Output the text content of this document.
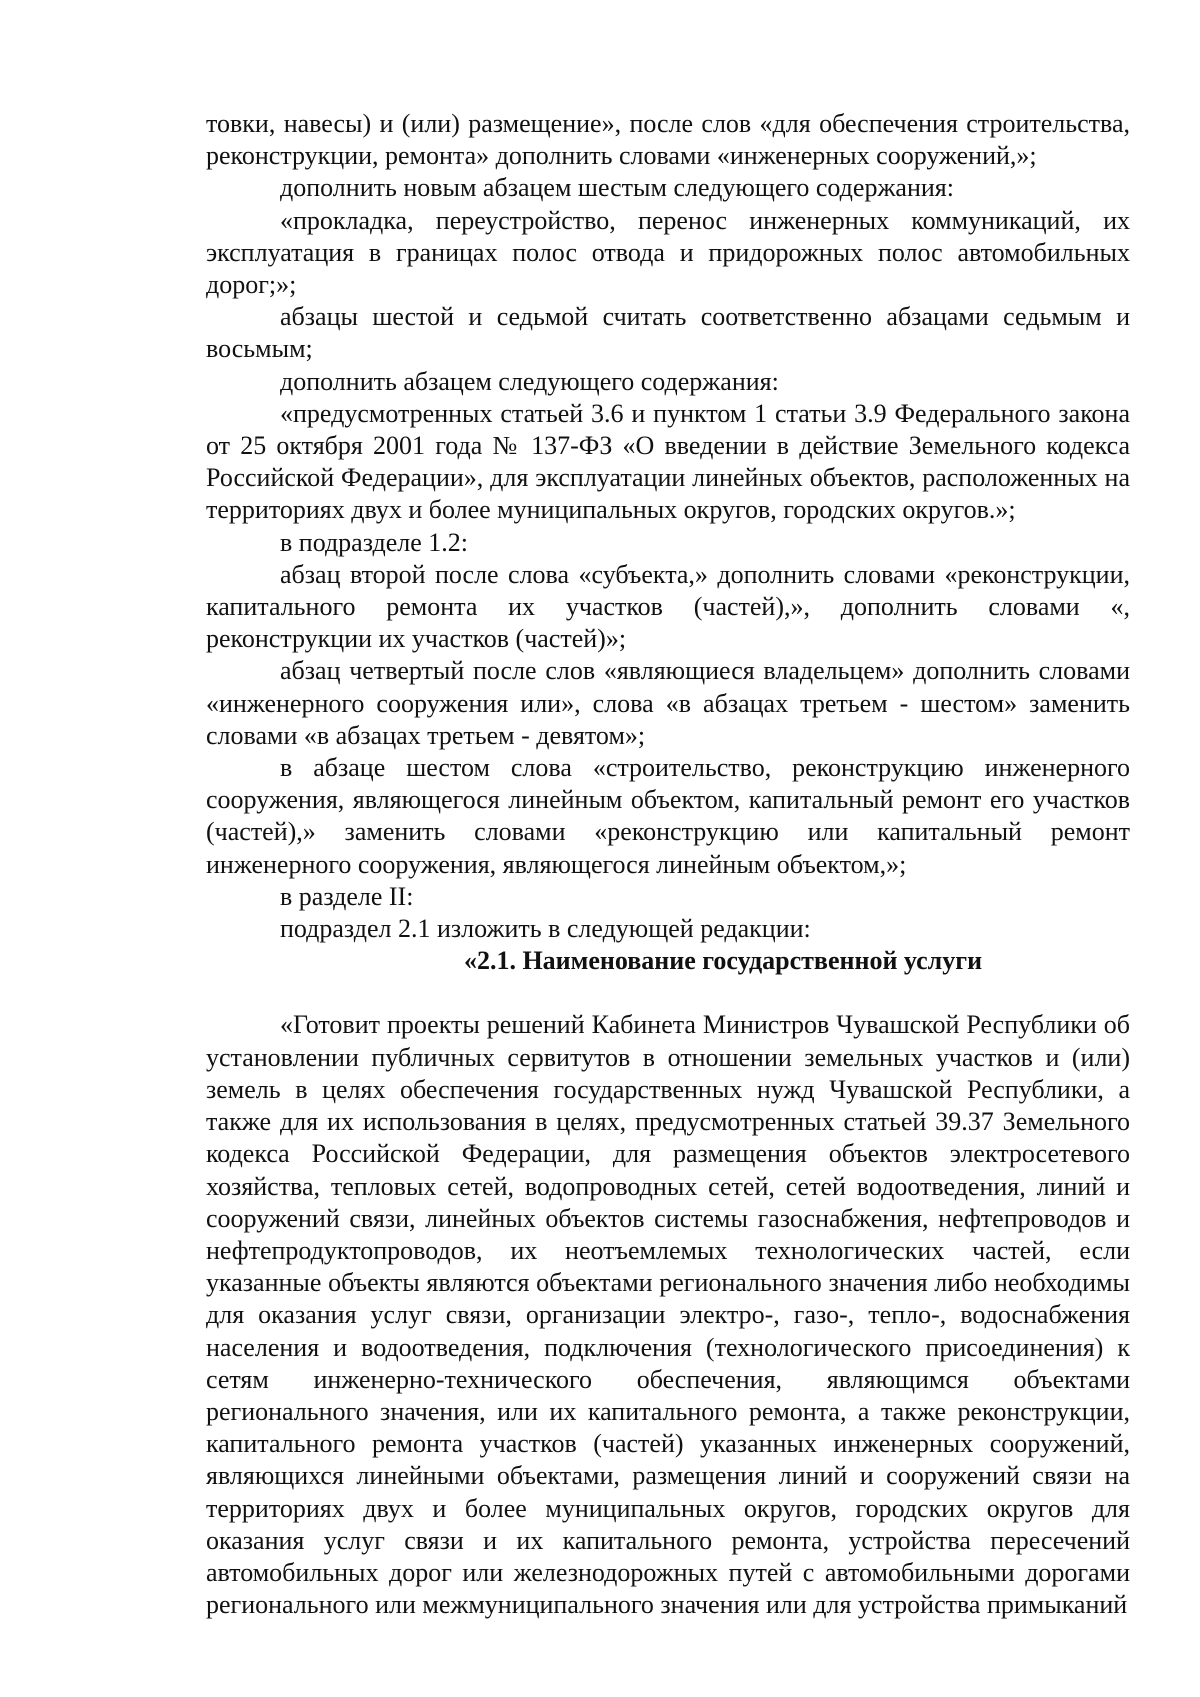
товки, навесы) и (или) размещение», после слов «для обеспечения строительства, реконструкции, ремонта» дополнить словами «инженерных сооружений,»;

дополнить новым абзацем шестым следующего содержания:

«прокладка, переустройство, перенос инженерных коммуникаций, их эксплуатация в границах полос отвода и придорожных полос автомобильных дорог;»;

абзацы шестой и седьмой считать соответственно абзацами седьмым и восьмым;

дополнить абзацем следующего содержания:

«предусмотренных статьей 3.6 и пунктом 1 статьи 3.9 Федерального закона от 25 октября 2001 года № 137-ФЗ «О введении в действие Земельного кодекса Российской Федерации», для эксплуатации линейных объектов, расположенных на территориях двух и более муниципальных округов, городских округов.»;

в подразделе 1.2:

абзац второй после слова «субъекта,» дополнить словами «реконструкции, капитального ремонта их участков (частей),», дополнить словами «, реконструкции их участков (частей)»;

абзац четвертый после слов «являющиеся владельцем» дополнить словами «инженерного сооружения или», слова «в абзацах третьем - шестом» заменить словами «в абзацах третьем - девятом»;

в абзаце шестом слова «строительство, реконструкцию инженерного сооружения, являющегося линейным объектом, капитальный ремонт его участков (частей),» заменить словами «реконструкцию или капитальный ремонт инженерного сооружения, являющегося линейным объектом,»;

в разделе II:

подраздел 2.1 изложить в следующей редакции:

«2.1. Наименование государственной услуги

«Готовит проекты решений Кабинета Министров Чувашской Республики об установлении публичных сервитутов в отношении земельных участков и (или) земель в целях обеспечения государственных нужд Чувашской Республики, а также для их использования в целях, предусмотренных статьей 39.37 Земельного кодекса Российской Федерации, для размещения объектов электросетевого хозяйства, тепловых сетей, водопроводных сетей, сетей водоотведения, линий и сооружений связи, линейных объектов системы газоснабжения, нефтепроводов и нефтепродуктопроводов, их неотъемлемых технологических частей, если указанные объекты являются объектами регионального значения либо необходимы для оказания услуг связи, организации электро-, газо-, тепло-, водоснабжения населения и водоотведения, подключения (технологического присоединения) к сетям инженерно-технического обеспечения, являющимся объектами регионального значения, или их капитального ремонта, а также реконструкции, капитального ремонта участков (частей) указанных инженерных сооружений, являющихся линейными объектами, размещения линий и сооружений связи на территориях двух и более муниципальных округов, городских округов для оказания услуг связи и их капитального ремонта, устройства пересечений автомобильных дорог или железнодорожных путей с автомобильными дорогами регионального или межмуниципального значения или для устройства примыканий
